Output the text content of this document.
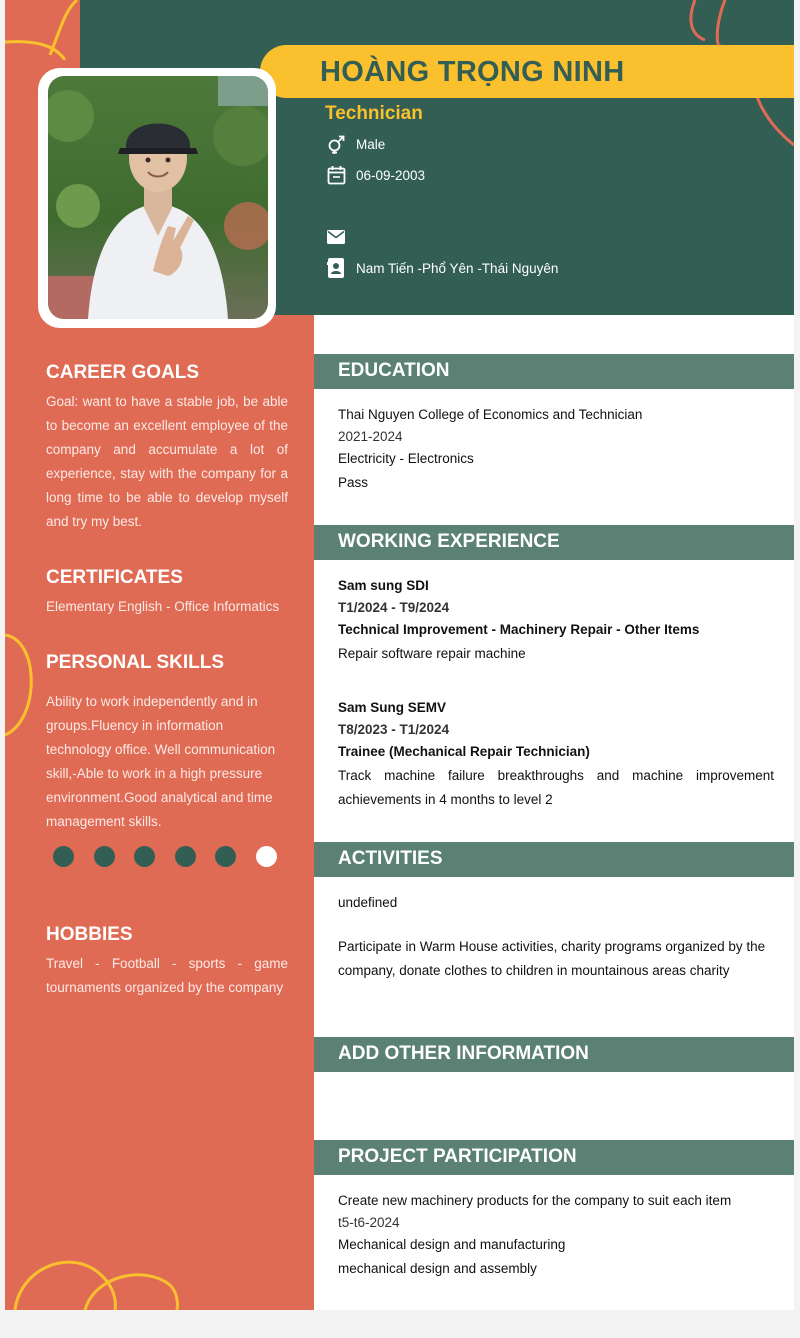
HOÀNG TRỌNG NINH
Technician
Male
06-09-2003
Nam Tiến -Phổ Yên -Thái Nguyên
CAREER GOALS

Goal: want to have a stable job, be able to become an excellent employee of the company and accumulate a lot of experience, stay with the company for a long time to be able to develop myself and try my best.

CERTIFICATES

Elementary English - Office Informatics

PERSONAL SKILLS

Ability to work independently and in groups.Fluency in information technology office. Well communication skill,-Able to work in a high pressure environment.Good analytical and time management skills.

HOBBIES

Travel - Football - sports - game tournaments organized by the company

EDUCATION

Thai Nguyen College of Economics and Technician

2021-2024

Electricity - Electronics

Pass

WORKING EXPERIENCE

Sam sung SDI

T1/2024 - T9/2024

Technical Improvement - Machinery Repair - Other Items

Repair software repair machine

Sam Sung SEMV

T8/2023 - T1/2024

Trainee (Mechanical Repair Technician)

Track machine failure breakthroughs and machine improvement achievements in 4 months to level 2

ACTIVITIES

undefined

Participate in Warm House activities, charity programs organized by the company, donate clothes to children in mountainous areas charity

ADD OTHER INFORMATION
PROJECT PARTICIPATION

Create new machinery products for the company to suit each item

t5-t6-2024

Mechanical design and manufacturing

mechanical design and assembly
